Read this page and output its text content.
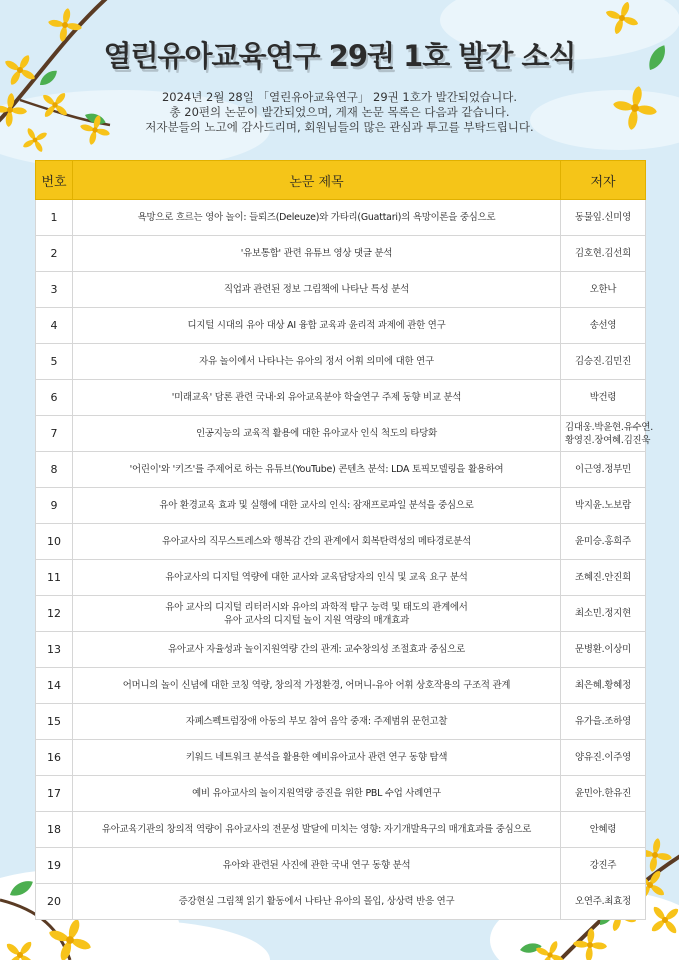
열린유아교육연구 29권 1호 발간 소식
2024년 2월 28일 「열린유아교육연구」 29권 1호가 발간되었습니다.
총 20편의 논문이 발간되었으며, 게재 논문 목록은 다음과 같습니다.
저자분들의 노고에 감사드리며, 회원님들의 많은 관심과 투고를 부탁드립니다.
번호	논문 제목	저자
1	욕망으로 흐르는 영아 놀이: 들뢰즈(Deleuze)와 가타리(Guattari)의 욕망이론을 중심으로	동물잎.신미영

2	'유보통합' 관련 유튜브 영상 댓글 분석	김호현.김선희

3	직업과 관련된 정보 그림책에 나타난 특성 분석	오한나

4	디지털 시대의 유아 대상 AI 융합 교육과 윤리적 과제에 관한 연구	송선영

5	자유 놀이에서 나타나는 유아의 정서 어휘 의미에 대한 연구	김승진.김민진

6	'미래교육' 담론 관련 국내·외 유아교육분야 학술연구 주제 동향 비교 분석	박건령

7	인공지능의 교육적 활용에 대한 유아교사 인식 척도의 타당화	김대웅.박윤현.유수연.
황영진.장여혜.김진욱

8	'어린이'와 '키즈'를 주제어로 하는 유튜브(YouTube) 콘텐츠 분석: LDA 토픽모델링을 활용하여	이근영.정부민

9	유아 환경교육 효과 및 실행에 대한 교사의 인식: 잠재프로파일 분석을 중심으로	박지윤.노보람

10	유아교사의 직무스트레스와 행복감 간의 관계에서 회복탄력성의 메타경로분석	윤미승.홍희주

11	유아교사의 디지털 역량에 대한 교사와 교육담당자의 인식 및 교육 요구 분석	조혜진.안진희

12	유아 교사의 디지털 리터러시와 유아의 과학적 탐구 능력 및 태도의 관계에서
유아 교사의 디지털 놀이 지원 역량의 매개효과	최소민.정지현

13	유아교사 자율성과 놀이지원역량 간의 관계: 교수창의성 조절효과 중심으로	문병환.이상미

14	어머니의 놀이 신념에 대한 코칭 역량, 창의적 가정환경, 어머니-유아 어휘 상호작용의 구조적 관계	최은혜.황혜정

15	자폐스펙트럼장애 아동의 부모 참여 음악 중재: 주제범위 문헌고찰	유가을.조하영

16	키워드 네트워크 분석을 활용한 예비유아교사 관련 연구 동향 탐색	양유진.이주영

17	예비 유아교사의 놀이지원역량 증진을 위한 PBL 수업 사례연구	윤민아.한유진

18	유아교육기관의 창의적 역량이 유아교사의 전문성 발달에 미치는 영향: 자기개발욕구의 매개효과를 중심으로	안혜령

19	유아와 관련된 사진에 관한 국내 연구 동향 분석	강진주

20	증강현실 그림책 읽기 활동에서 나타난 유아의 몰입, 상상력 반응 연구	오연주.최효정
